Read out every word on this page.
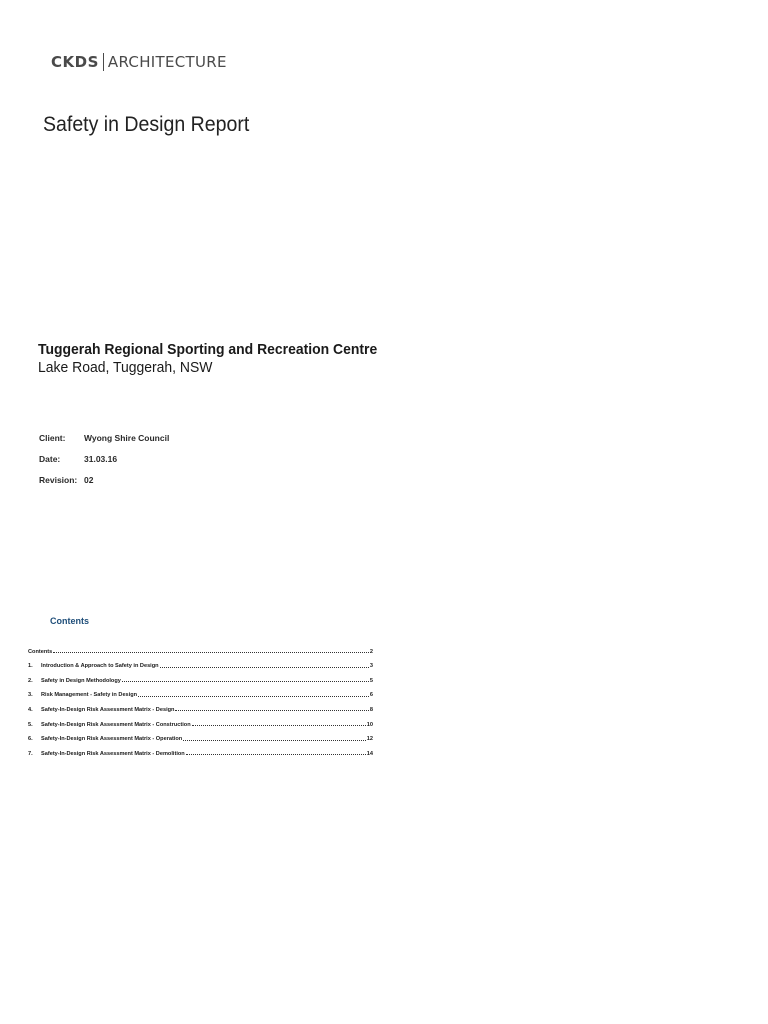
CKDS ARCHITECTURE
Safety in Design Report
Tuggerah Regional Sporting and Recreation Centre

Lake Road, Tuggerah, NSW

Client:	Wyong Shire Council
Date:	31.03.16
Revision: 02
Contents
Contents	2
1.	Introduction & Approach to Safety in Design	3
2.	Safety in Design Methodology	5
3.	Risk Management - Safety in Design	6
4.	Safety-In-Design Risk Assessment Matrix - Design	8
5.	Safety-In-Design Risk Assessment Matrix - Construction	10
6.	Safety-In-Design Risk Assessment Matrix - Operation	12
7.	Safety-In-Design Risk Assessment Matrix - Demolition	14
